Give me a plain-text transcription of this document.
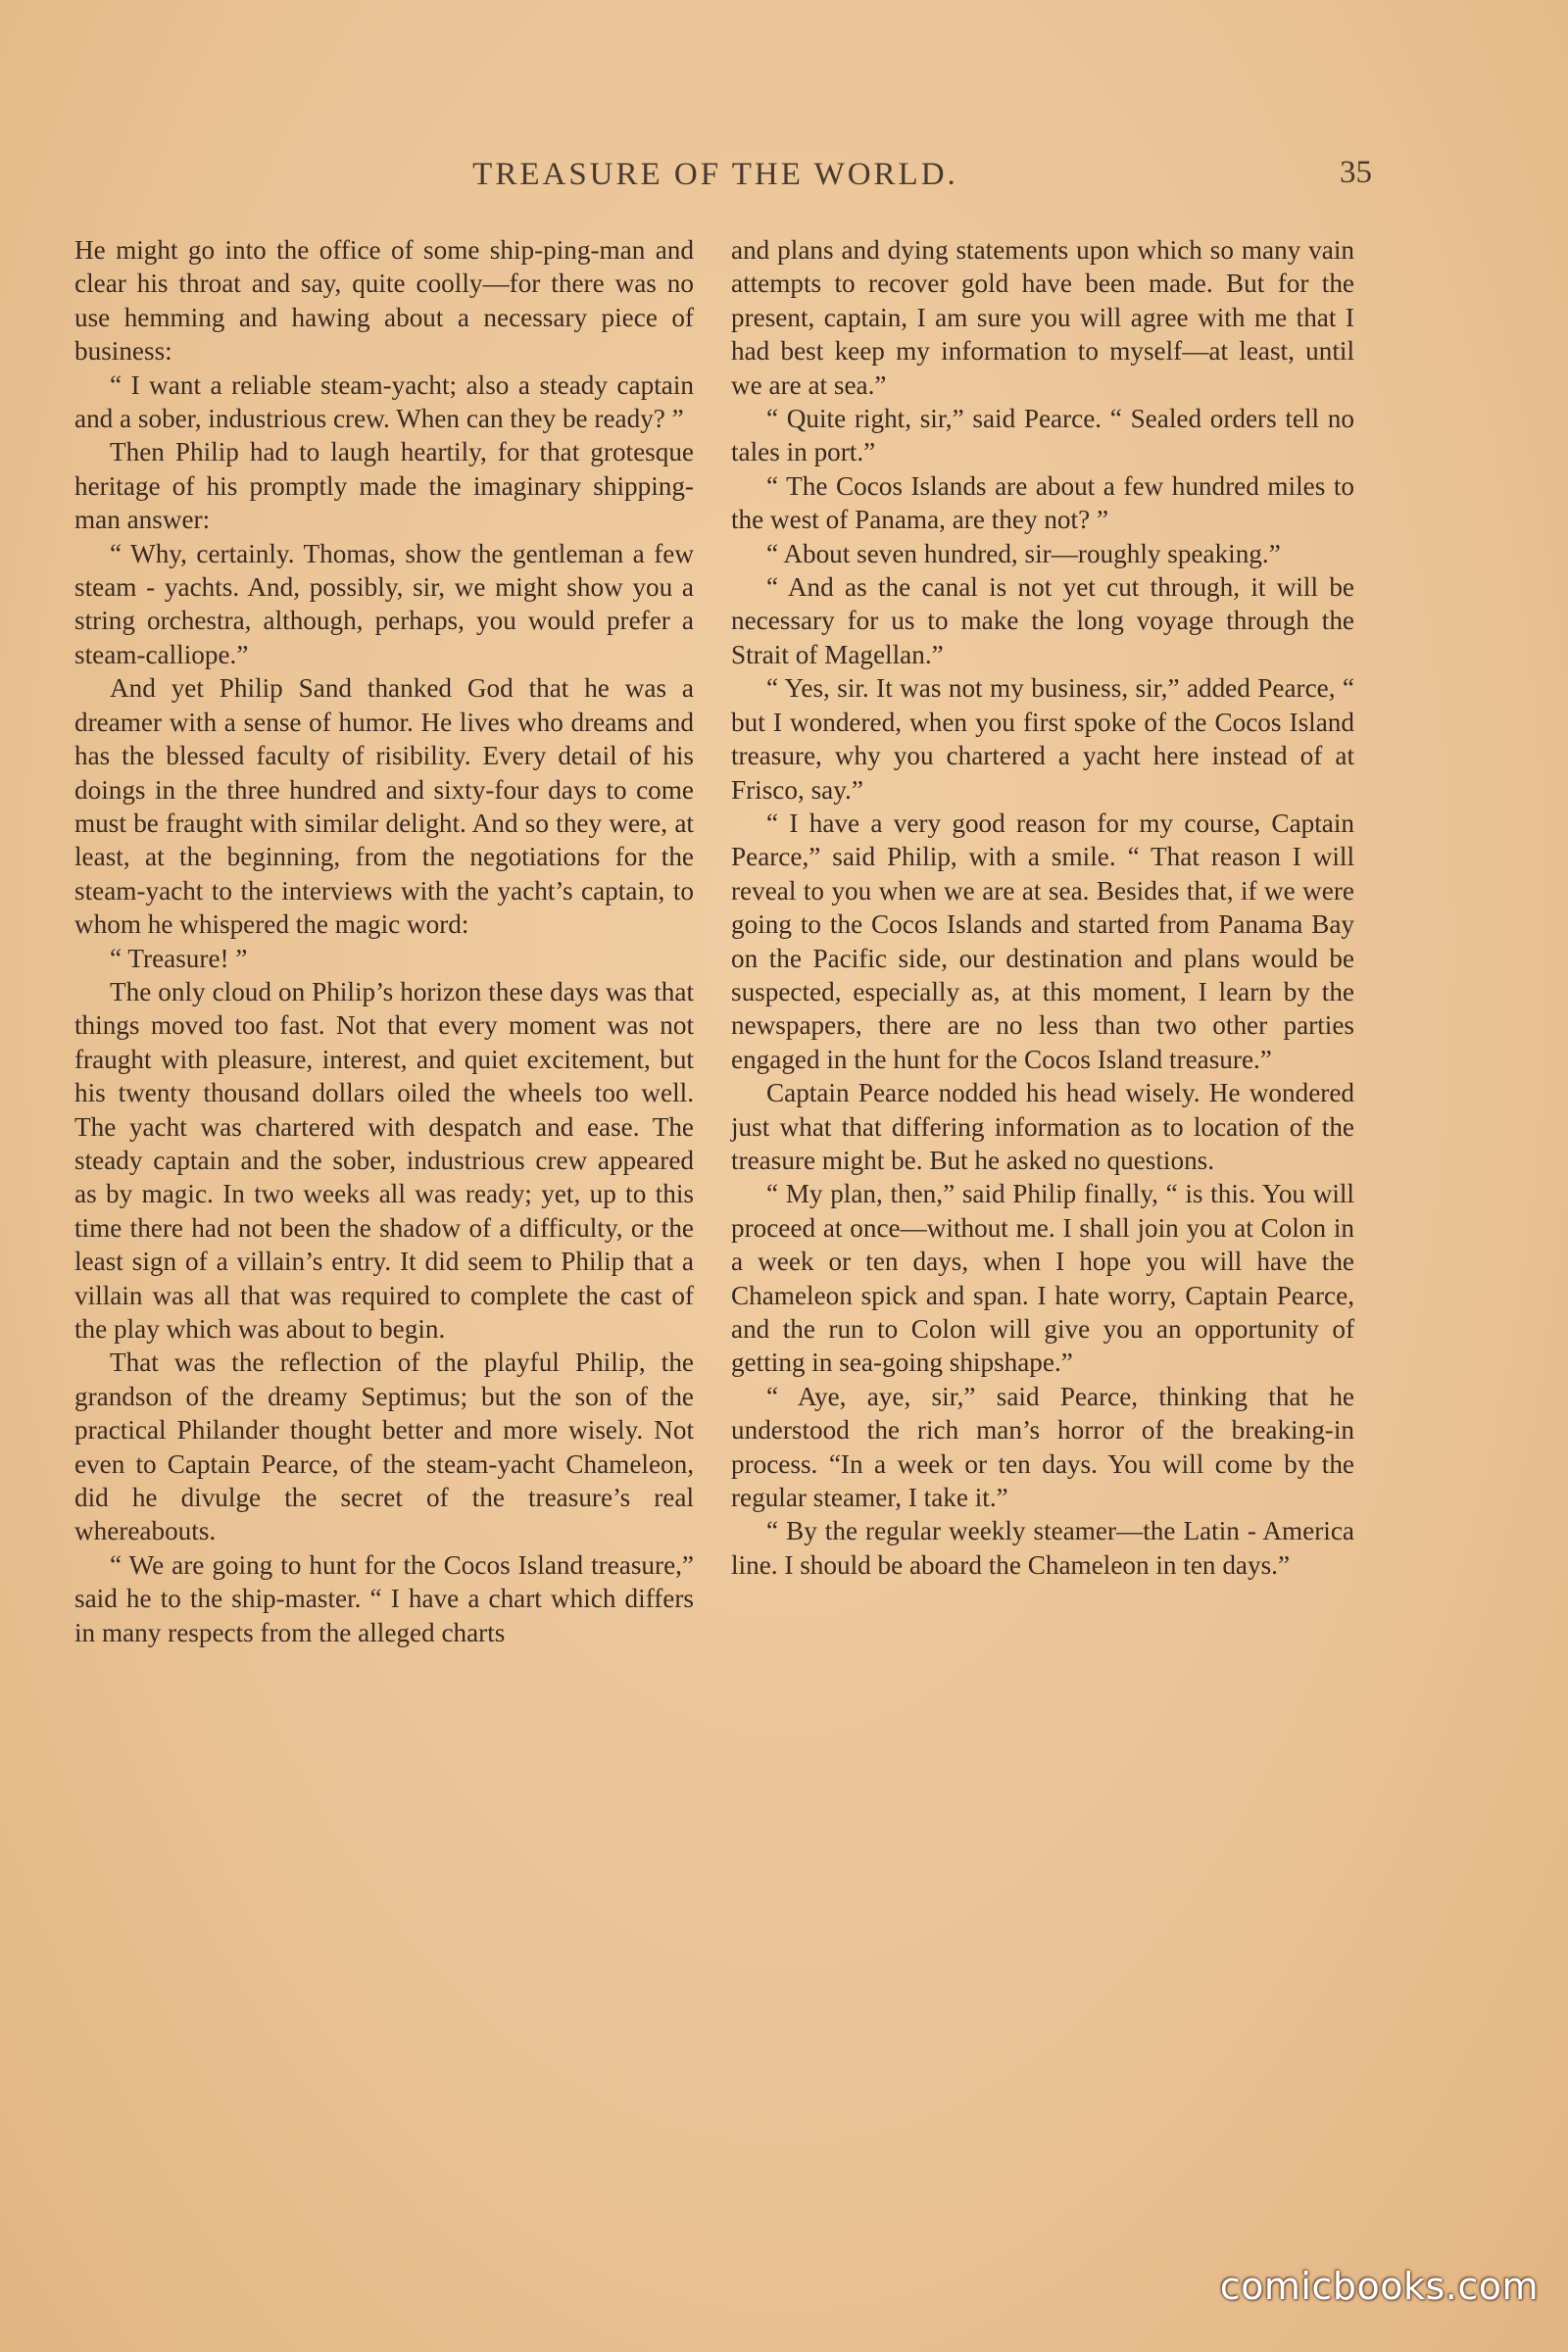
TREASURE OF THE WORLD.	35

He might go into the office of some ship-ping-man and clear his throat and say, quite coolly—for there was no use hemming and hawing about a necessary piece of business:

“ I want a reliable steam-yacht; also a steady captain and a sober, industrious crew. When can they be ready? ”

Then Philip had to laugh heartily, for that grotesque heritage of his promptly made the imaginary shipping-man answer:

“ Why, certainly. Thomas, show the gentleman a few steam - yachts. And, possibly, sir, we might show you a string orchestra, although, perhaps, you would prefer a steam-calliope.”

And yet Philip Sand thanked God that he was a dreamer with a sense of humor. He lives who dreams and has the blessed faculty of risibility. Every detail of his doings in the three hundred and sixty-four days to come must be fraught with similar delight. And so they were, at least, at the beginning, from the negotiations for the steam-yacht to the interviews with the yacht’s captain, to whom he whispered the magic word:

“ Treasure! ”

The only cloud on Philip’s horizon these days was that things moved too fast. Not that every moment was not fraught with pleasure, interest, and quiet excitement, but his twenty thousand dollars oiled the wheels too well. The yacht was chartered with despatch and ease. The steady captain and the sober, industrious crew appeared as by magic. In two weeks all was ready; yet, up to this time there had not been the shadow of a difficulty, or the least sign of a villain’s entry. It did seem to Philip that a villain was all that was required to complete the cast of the play which was about to begin.

That was the reflection of the playful Philip, the grandson of the dreamy Septimus; but the son of the practical Philander thought better and more wisely. Not even to Captain Pearce, of the steam-yacht Chameleon, did he divulge the secret of the treasure’s real whereabouts.

“ We are going to hunt for the Cocos Island treasure,” said he to the ship-master. “ I have a chart which differs in many respects from the alleged charts

and plans and dying statements upon which so many vain attempts to recover gold have been made. But for the present, captain, I am sure you will agree with me that I had best keep my information to myself—at least, until we are at sea.”

“ Quite right, sir,” said Pearce. “ Sealed orders tell no tales in port.”

“ The Cocos Islands are about a few hundred miles to the west of Panama, are they not? ”

“ About seven hundred, sir—roughly speaking.”

“ And as the canal is not yet cut through, it will be necessary for us to make the long voyage through the Strait of Magellan.”

“ Yes, sir. It was not my business, sir,” added Pearce, “ but I wondered, when you first spoke of the Cocos Island treasure, why you chartered a yacht here instead of at Frisco, say.”

“ I have a very good reason for my course, Captain Pearce,” said Philip, with a smile. “ That reason I will reveal to you when we are at sea. Besides that, if we were going to the Cocos Islands and started from Panama Bay on the Pacific side, our destination and plans would be suspected, especially as, at this moment, I learn by the newspapers, there are no less than two other parties engaged in the hunt for the Cocos Island treasure.”

Captain Pearce nodded his head wisely. He wondered just what that differing information as to location of the treasure might be. But he asked no questions.

“ My plan, then,” said Philip finally, “ is this. You will proceed at once—without me. I shall join you at Colon in a week or ten days, when I hope you will have the Chameleon spick and span. I hate worry, Captain Pearce, and the run to Colon will give you an opportunity of getting in sea-going shipshape.”

“ Aye, aye, sir,” said Pearce, thinking that he understood the rich man’s horror of the breaking-in process. “In a week or ten days. You will come by the regular steamer, I take it.”

“ By the regular weekly steamer—the Latin - America line. I should be aboard the Chameleon in ten days.”

comicbooks.com
